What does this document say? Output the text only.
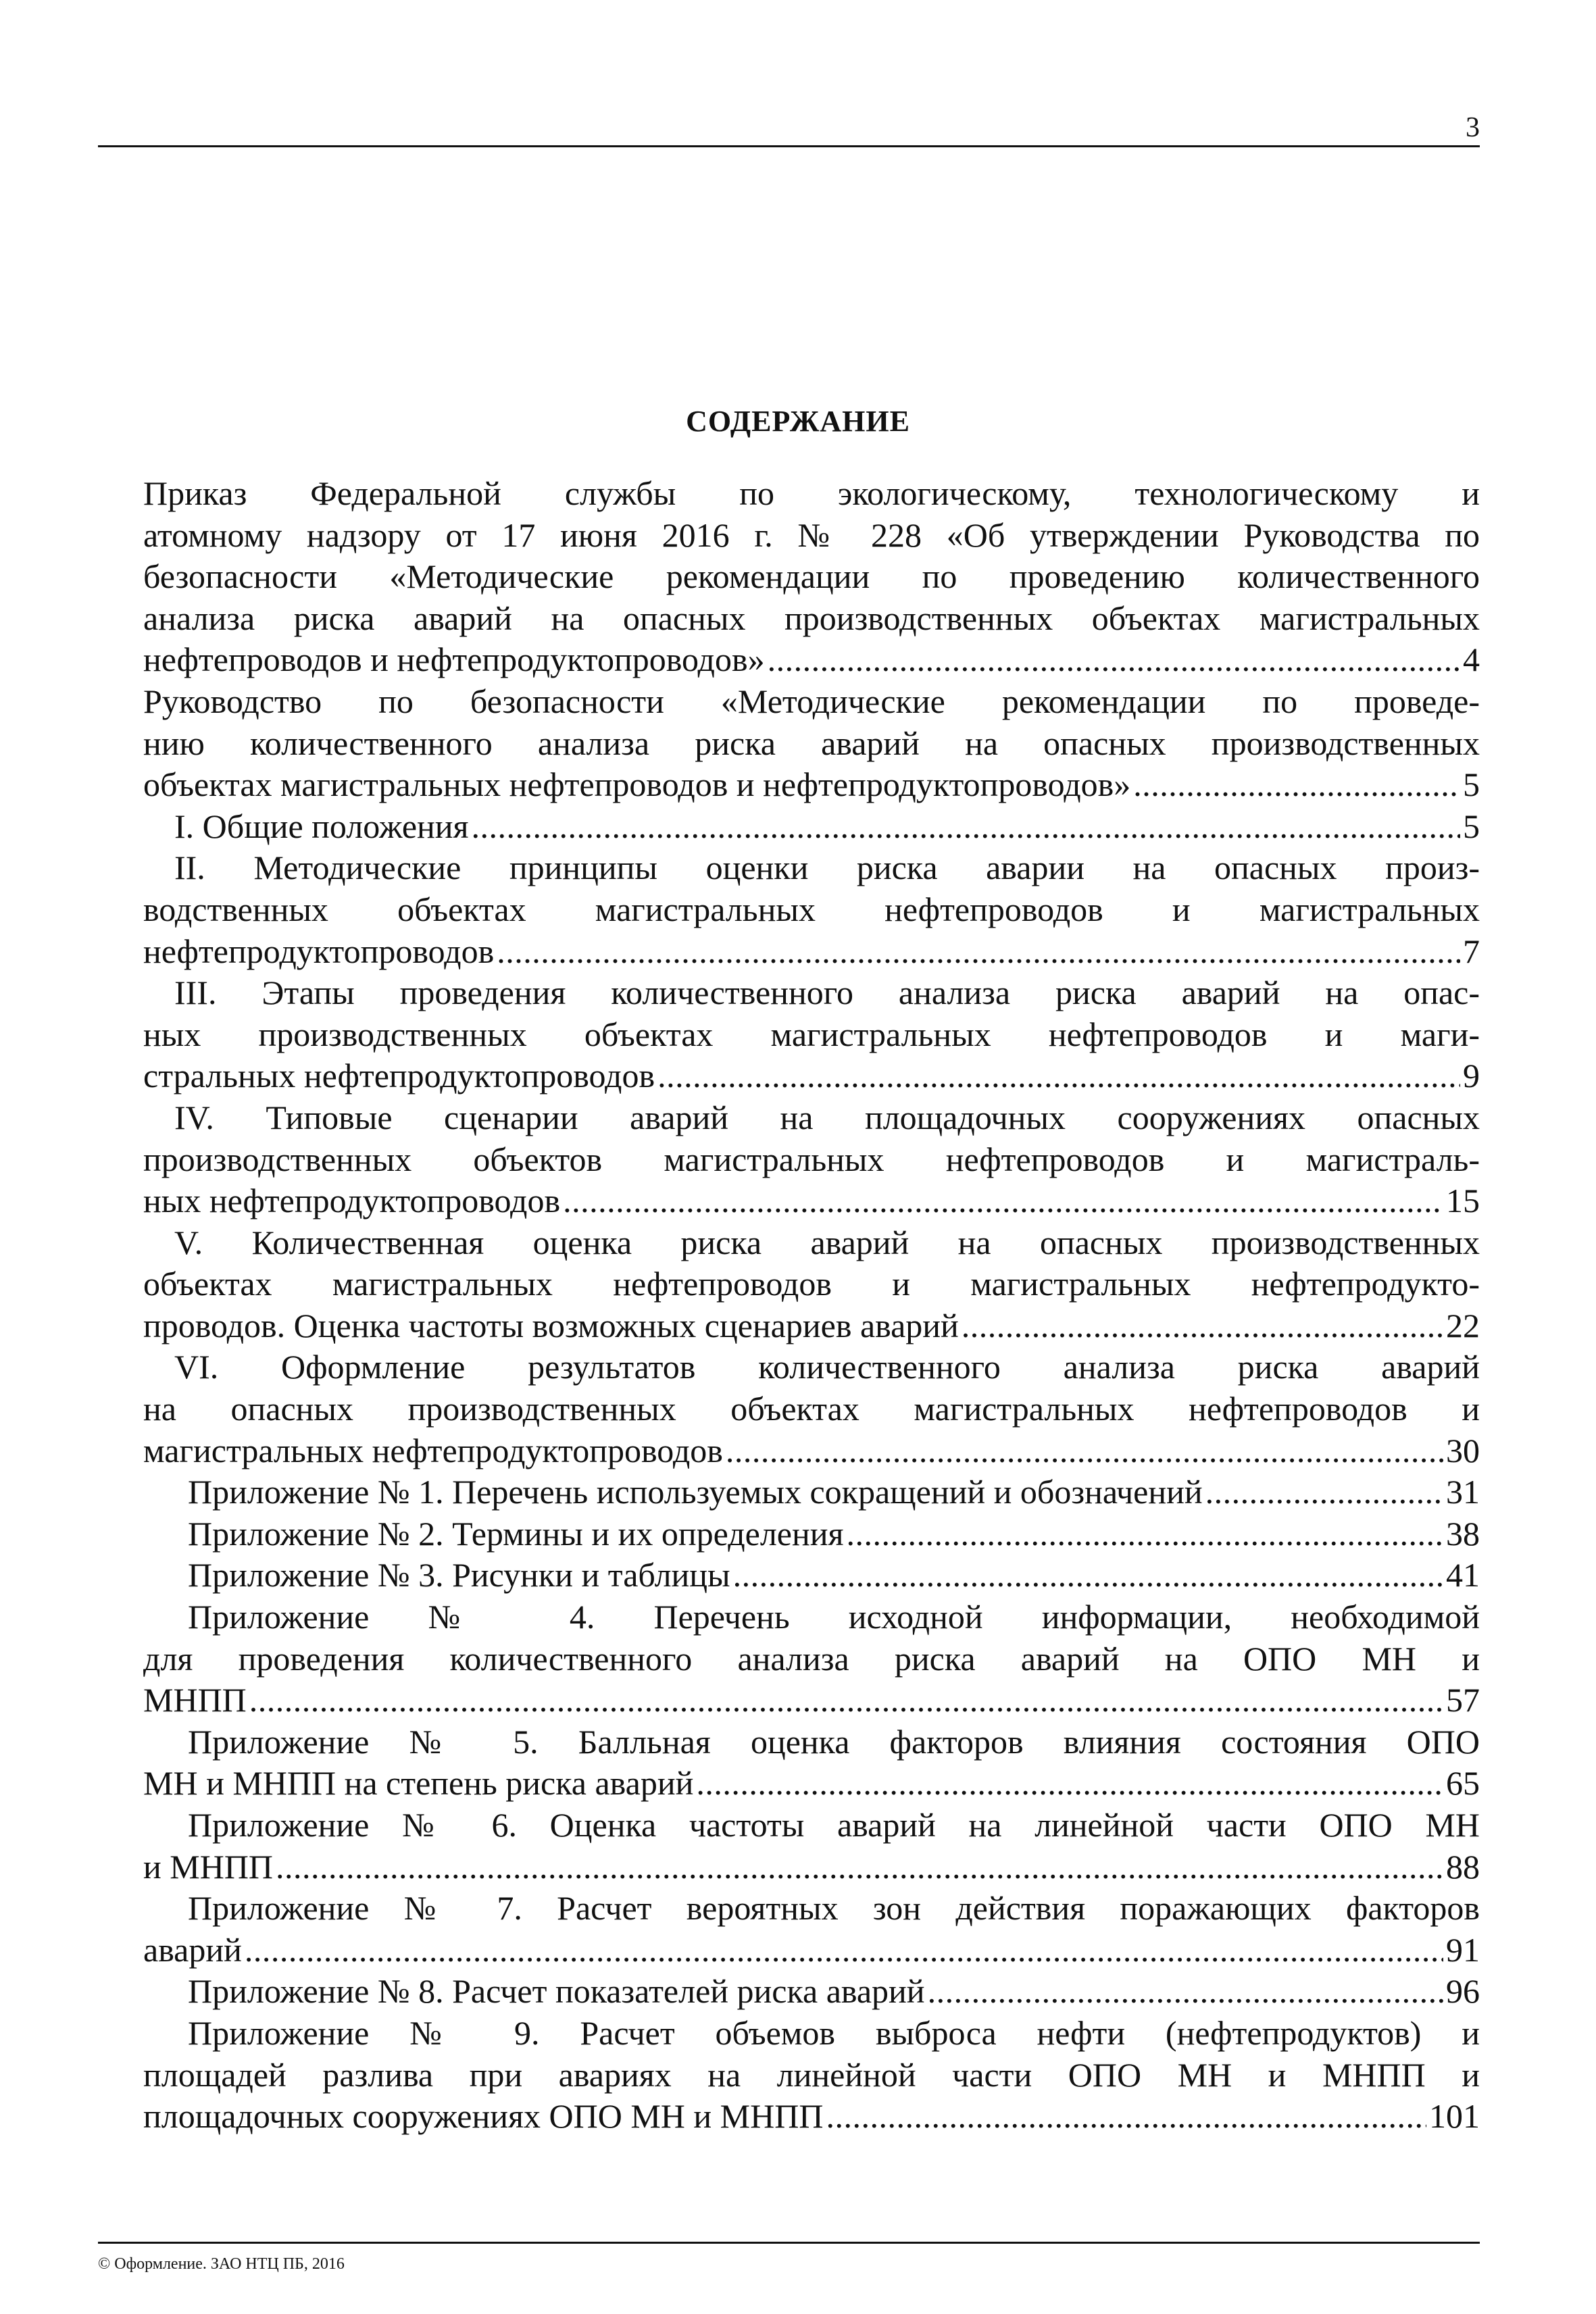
3
СОДЕРЖАНИЕ
Приказ Федеральной службы по экологическому, технологическому и
атомному надзору от 17 июня 2016 г. № 228 «Об утверждении Руководства по
безопасности «Методические рекомендации по проведению количественного
анализа риска аварий на опасных производственных объектах магистральных
нефтепроводов и нефтепродуктопроводов» . . .	4
Руководство по безопасности «Методические рекомендации по проведе-
нию количественного анализа риска аварий на опасных производственных
объектах магистральных нефтепроводов и нефтепродуктопроводов» . . .	5
I. Общие положения . . .	5
II. Методические принципы оценки риска аварии на опасных произ-
водственных объектах магистральных нефтепроводов и магистральных
нефтепродуктопроводов . . .	7
III. Этапы проведения количественного анализа риска аварий на опас-
ных производственных объектах магистральных нефтепроводов и маги-
стральных нефтепродуктопроводов . . .	9
IV. Типовые сценарии аварий на площадочных сооружениях опасных
производственных объектов магистральных нефтепроводов и магистраль-
ных нефтепродуктопроводов . . .	15
V. Количественная оценка риска аварий на опасных производственных
объектах магистральных нефтепроводов и магистральных нефтепродукто-
проводов. Оценка частоты возможных сценариев аварий . . .	22
VI. Оформление результатов количественного анализа риска аварий
на опасных производственных объектах магистральных нефтепроводов и
магистральных нефтепродуктопроводов . . .	30
Приложение № 1. Перечень используемых сокращений и обозначений . . .	31
Приложение № 2. Термины и их определения . . .	38
Приложение № 3. Рисунки и таблицы . . .	41
Приложение № 4. Перечень исходной информации, необходимой
для проведения количественного анализа риска аварий на ОПО МН и
МНПП . . .	57
Приложение № 5. Балльная оценка факторов влияния состояния ОПО
МН и МНПП на степень риска аварий . . .	65
Приложение № 6. Оценка частоты аварий на линейной части ОПО МН
и МНПП . . .	88
Приложение № 7. Расчет вероятных зон действия поражающих факторов
аварий . . .	91
Приложение № 8. Расчет показателей риска аварий . . .	96
Приложение № 9. Расчет объемов выброса нефти (нефтепродуктов) и
площадей разлива при авариях на линейной части ОПО МН и МНПП и
площадочных сооружениях ОПО МН и МНПП . . .	101
© Оформление. ЗАО НТЦ ПБ, 2016
